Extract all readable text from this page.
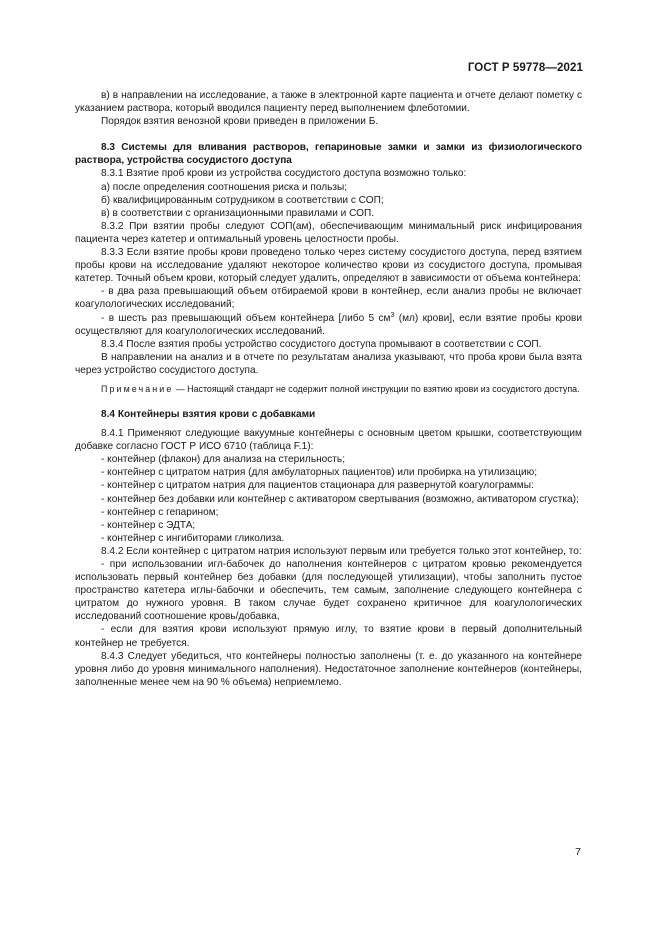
ГОСТ Р 59778—2021

в) в направлении на исследование, а также в электронной карте пациента и отчете делают пометку с указанием раствора, который вводился пациенту перед выполнением флеботомии.

Порядок взятия венозной крови приведен в приложении Б.

8.3 Системы для вливания растворов, гепариновые замки и замки из физиологического раствора, устройства сосудистого доступа

8.3.1 Взятие проб крови из устройства сосудистого доступа возможно только:

а) после определения соотношения риска и пользы;

б) квалифицированным сотрудником в соответствии с СОП;

в) в соответствии с организационными правилами и СОП.

8.3.2 При взятии пробы следуют СОП(ам), обеспечивающим минимальный риск инфицирования пациента через катетер и оптимальный уровень целостности пробы.

8.3.3 Если взятие пробы крови проведено только через систему сосудистого доступа, перед взятием пробы крови на исследование удаляют некоторое количество крови из сосудистого доступа, промывая катетер. Точный объем крови, который следует удалить, определяют в зависимости от объема контейнера:

- в два раза превышающий объем отбираемой крови в контейнер, если анализ пробы не включает коагулологических исследований;

- в шесть раз превышающий объем контейнера [либо 5 $см^3$ (мл) крови], если взятие пробы крови осуществляют для коагулологических исследований.

8.3.4 После взятия пробы устройство сосудистого доступа промывают в соответствии с СОП.

В направлении на анализ и в отчете по результатам анализа указывают, что проба крови была взята через устройство сосудистого доступа.

Примечание — Настоящий стандарт не содержит полной инструкции по взятию крови из сосудистого доступа.

8.4 Контейнеры взятия крови с добавками

8.4.1 Применяют следующие вакуумные контейнеры с основным цветом крышки, соответствующим добавке согласно ГОСТ Р ИСО 6710 (таблица F.1):

- контейнер (флакон) для анализа на стерильность;

- контейнер с цитратом натрия (для амбулаторных пациентов) или пробирка на утилизацию;

- контейнер с цитратом натрия для пациентов стационара для развернутой коагулограммы:

- контейнер без добавки или контейнер с активатором свертывания (возможно, активатором сгустка);

- контейнер с гепарином;

- контейнер с ЭДТА;

- контейнер с ингибиторами гликолиза.

8.4.2 Если контейнер с цитратом натрия используют первым или требуется только этот контейнер, то:

- при использовании игл-бабочек до наполнения контейнеров с цитратом кровью рекомендуется использовать первый контейнер без добавки (для последующей утилизации), чтобы заполнить пустое пространство катетера иглы-бабочки и обеспечить, тем самым, заполнение следующего контейнера с цитратом до нужного уровня. В таком случае будет сохранено критичное для коагулологических исследований соотношение кровь/добавка,

- если для взятия крови используют прямую иглу, то взятие крови в первый дополнительный контейнер не требуется.

8.4.3 Следует убедиться, что контейнеры полностью заполнены (т. е. до указанного на контейнере уровня либо до уровня минимального наполнения). Недостаточное заполнение контейнеров (контейнеры, заполненные менее чем на 90 % объема) неприемлемо.

7
